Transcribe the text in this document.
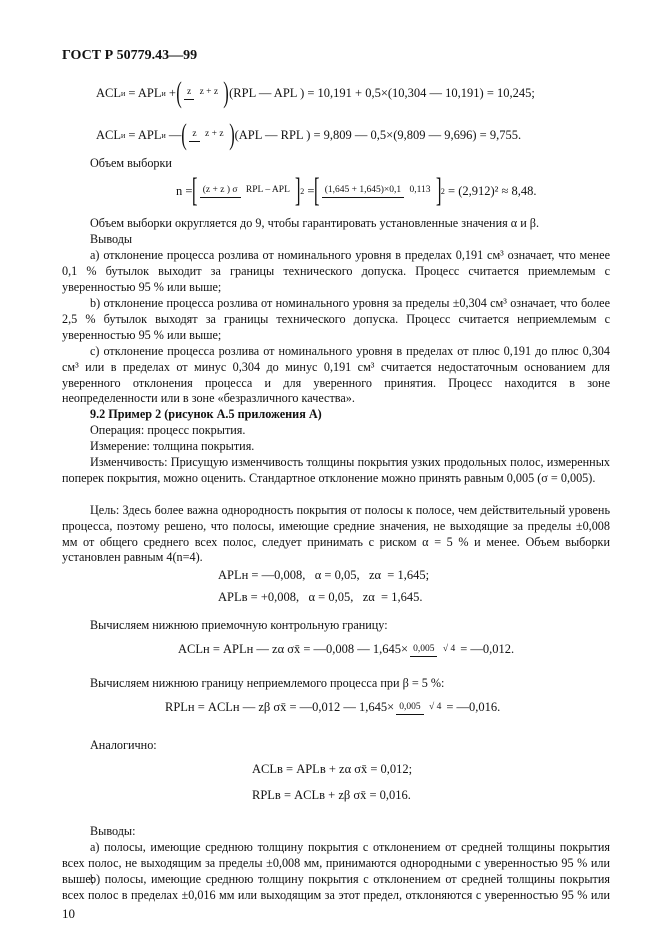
ГОСТ Р 50779.43—99
ACL и
= APL и
+ ( z z + z ) (RPL — APL )
= 10,191 + 0,5×(10,304 — 10,191) = 10,245;
ACL и
= APL и
— ( z z + z ) (APL — RPL )
= 9,809 — 0,5×(9,809 — 9,696) = 9,755.
Объем выборки
n = [ (z + z ) σ RPL – APL ] 2
= [ (1,645 + 1,645)×0,1 0,113 ] 2
= (2,912)² ≈ 8,48.
Объем выборки округляется до 9, чтобы гарантировать установленные значения α и β.
Выводы
а) отклонение процесса розлива от номинального уровня в пределах 0,191 см³ означает, что менее 0,1 % бутылок выходит за границы технического допуска. Процесс считается приемлемым с уверенностью 95 % или выше;
b) отклонение процесса розлива от номинального уровня за пределы ±0,304 см³ означает, что более 2,5 % бутылок выходят за границы технического допуска. Процесс считается неприемлемым с уверенностью 95 % или выше;
c) отклонение процесса розлива от номинального уровня в пределах от плюс 0,191 до плюс 0,304 см³ или в пределах от минус 0,304 до минус 0,191 см³ считается недостаточным основанием для уверенного отклонения процесса и для уверенного принятия. Процесс находится в зоне неопределенности или в зоне «безразличного качества».
9.2 Пример 2 (рисунок А.5 приложения А)
Операция: процесс покрытия.
Измерение: толщина покрытия.
Изменчивость: Присущую изменчивость толщины покрытия узких продольных полос, измеренных поперек покрытия, можно оценить. Стандартное отклонение можно принять равным 0,005 (σ = 0,005).
Цель: Здесь более важна однородность покрытия от полосы к полосе, чем действительный уровень процесса, поэтому решено, что полосы, имеющие средние значения, не выходящие за пределы ±0,008 мм от общего среднего всех полос, следует принимать с риском α = 5 % и менее. Объем выборки установлен равным 4(n=4).
APLн = —0,008,   α = 0,05,   zα  = 1,645;
APLв = +0,008,   α = 0,05,   zα  = 1,645.
Вычисляем нижнюю приемочную контрольную границу:
ACLн = APLн — zα σx̄ = —0,008 — 1,645× 0,005 √ 4 = —0,012.
Вычисляем нижнюю границу неприемлемого процесса при β = 5 %:
RPLн = ACLн — zβ σx̄ = —0,012 — 1,645× 0,005 √ 4 = —0,016.
Аналогично:
ACLв = APLв + zα σx̄ = 0,012;
RPLв = ACLв + zβ σx̄ = 0,016.
Выводы:
а) полосы, имеющие среднюю толщину покрытия с отклонением от средней толщины покрытия всех полос, не выходящим за пределы ±0,008 мм, принимаются однородными с уверенностью 95 % или выше;
b) полосы, имеющие среднюю толщину покрытия с отклонением от средней толщины покрытия всех полос в пределах ±0,016 мм или выходящим за этот предел, отклоняются с уверенностью 95 % или
10
